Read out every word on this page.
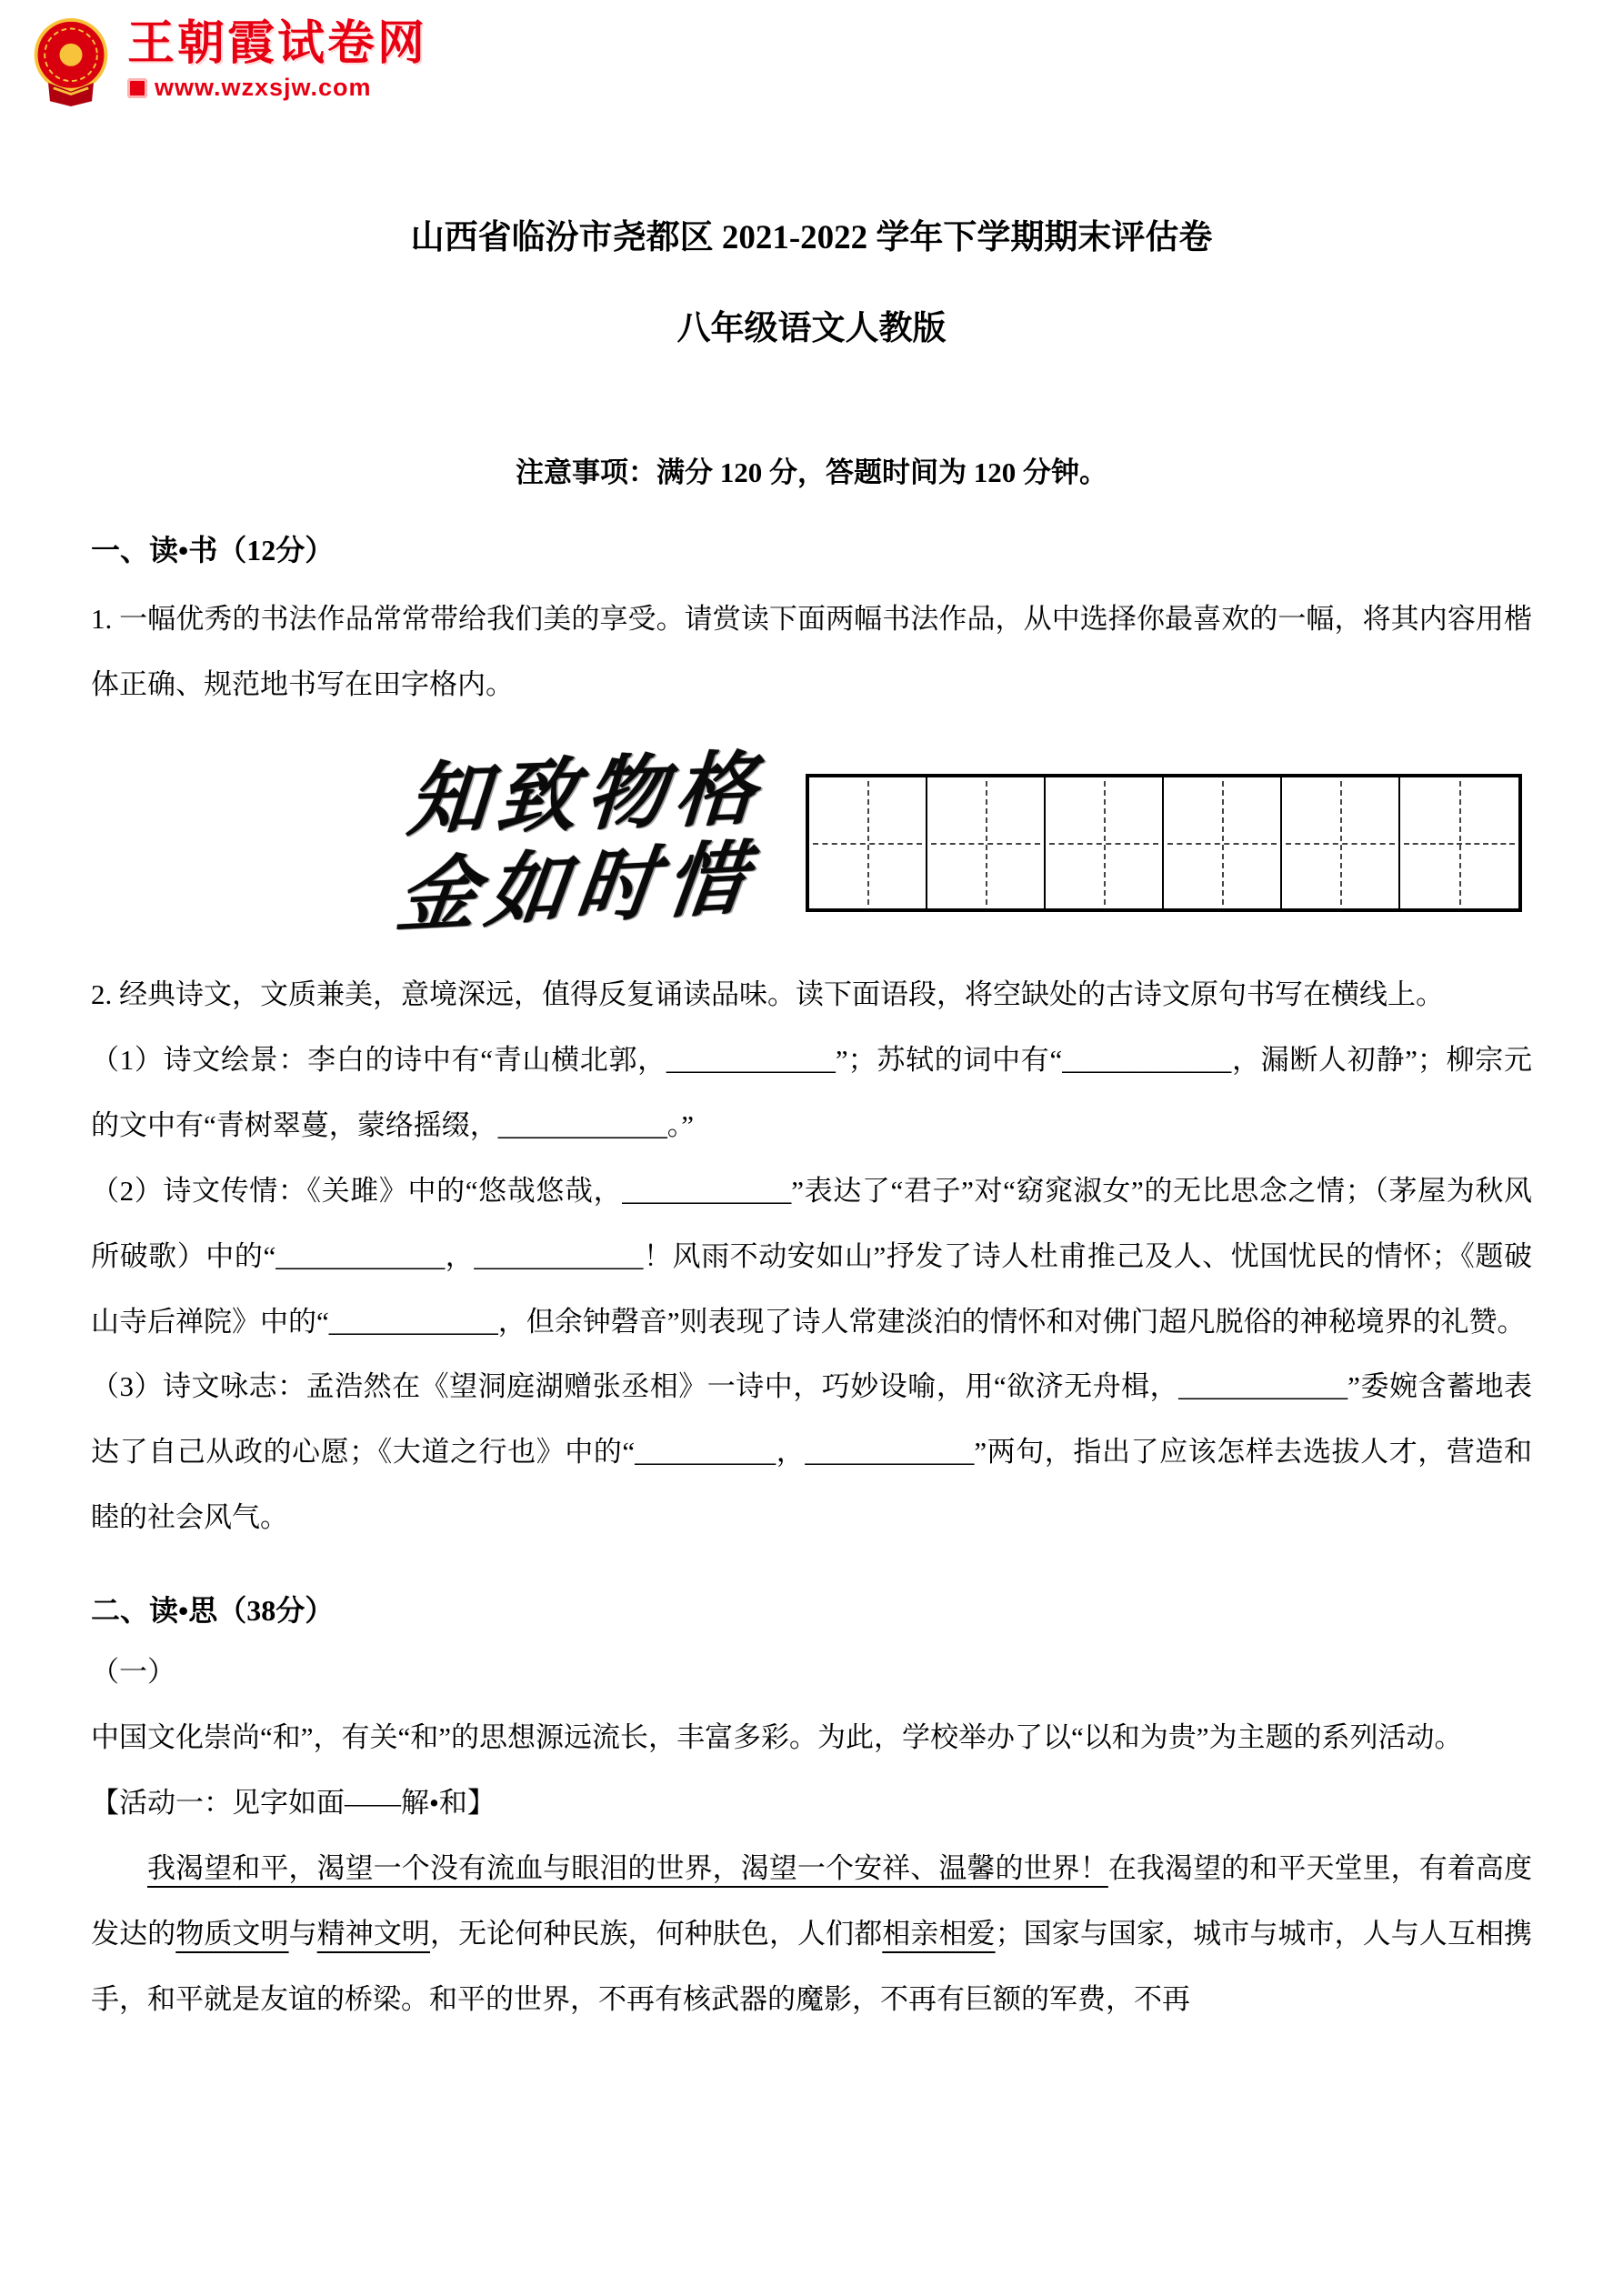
王朝霞试卷网
www.wzxsjw.com
山西省临汾市尧都区 2021-2022 学年下学期期末评估卷
八年级语文人教版

注意事项：满分 120 分，答题时间为 120 分钟。

一、读•书（12分）

1. 一幅优秀的书法作品常常带给我们美的享受。请赏读下面两幅书法作品，从中选择你最喜欢的一幅，将其内容用楷体正确、规范地书写在田字格内。

知致物格
金如时惜

2. 经典诗文，文质兼美，意境深远，值得反复诵读品味。读下面语段，将空缺处的古诗文原句书写在横线上。

（1）诗文绘景：李白的诗中有“青山横北郭，____________”；苏轼的词中有“____________，漏断人初静”；柳宗元的文中有“青树翠蔓，蒙络摇缀，____________。”

（2）诗文传情：《关雎》中的“悠哉悠哉，____________”表达了“君子”对“窈窕淑女”的无比思念之情；（茅屋为秋风所破歌）中的“____________，____________！风雨不动安如山”抒发了诗人杜甫推己及人、忧国忧民的情怀；《题破山寺后禅院》中的“____________，但余钟磬音”则表现了诗人常建淡泊的情怀和对佛门超凡脱俗的神秘境界的礼赞。

（3）诗文咏志：孟浩然在《望洞庭湖赠张丞相》一诗中，巧妙设喻，用“欲济无舟楫，____________”委婉含蓄地表达了自己从政的心愿；《大道之行也》中的“__________，____________”两句，指出了应该怎样去选拔人才，营造和睦的社会风气。

二、读•思（38分）

（一）

中国文化崇尚“和”，有关“和”的思想源远流长，丰富多彩。为此，学校举办了以“以和为贵”为主题的系列活动。

【活动一：见字如面——解•和】

我渴望和平，渴望一个没有流血与眼泪的世界，渴望一个安祥、温馨的世界！在我渴望的和平天堂里，有着高度发达的物质文明与精神文明，无论何种民族，何种肤色，人们都相亲相爱；国家与国家，城市与城市，人与人互相携手，和平就是友谊的桥梁。和平的世界，不再有核武器的魔影，不再有巨额的军费，不再
